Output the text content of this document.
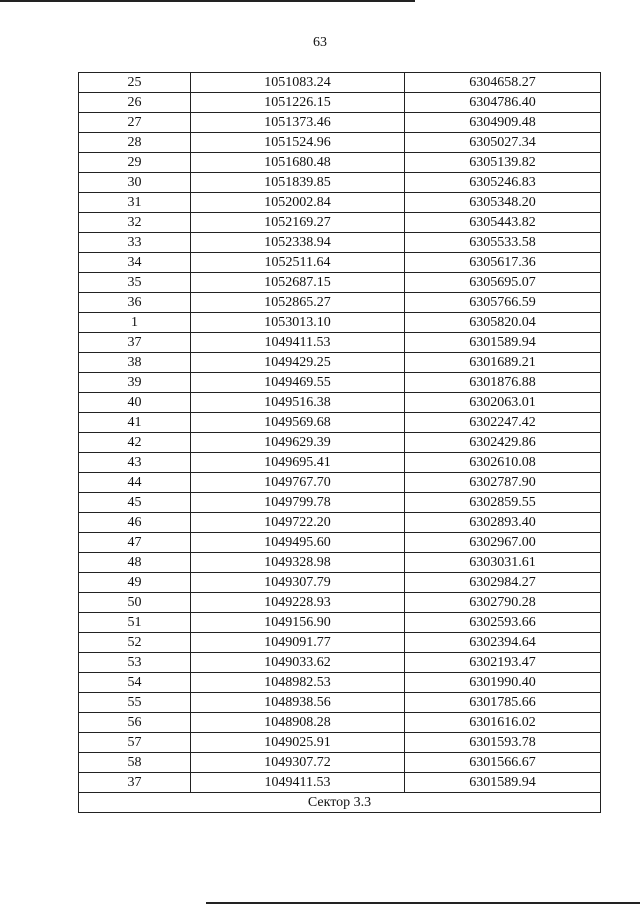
63
25	1051083.24	6304658.27
26	1051226.15	6304786.40
27	1051373.46	6304909.48
28	1051524.96	6305027.34
29	1051680.48	6305139.82
30	1051839.85	6305246.83
31	1052002.84	6305348.20
32	1052169.27	6305443.82
33	1052338.94	6305533.58
34	1052511.64	6305617.36
35	1052687.15	6305695.07
36	1052865.27	6305766.59
1	1053013.10	6305820.04
37	1049411.53	6301589.94
38	1049429.25	6301689.21
39	1049469.55	6301876.88
40	1049516.38	6302063.01
41	1049569.68	6302247.42
42	1049629.39	6302429.86
43	1049695.41	6302610.08
44	1049767.70	6302787.90
45	1049799.78	6302859.55
46	1049722.20	6302893.40
47	1049495.60	6302967.00
48	1049328.98	6303031.61
49	1049307.79	6302984.27
50	1049228.93	6302790.28
51	1049156.90	6302593.66
52	1049091.77	6302394.64
53	1049033.62	6302193.47
54	1048982.53	6301990.40
55	1048938.56	6301785.66
56	1048908.28	6301616.02
57	1049025.91	6301593.78
58	1049307.72	6301566.67
37	1049411.53	6301589.94
Сектор 3.3		
